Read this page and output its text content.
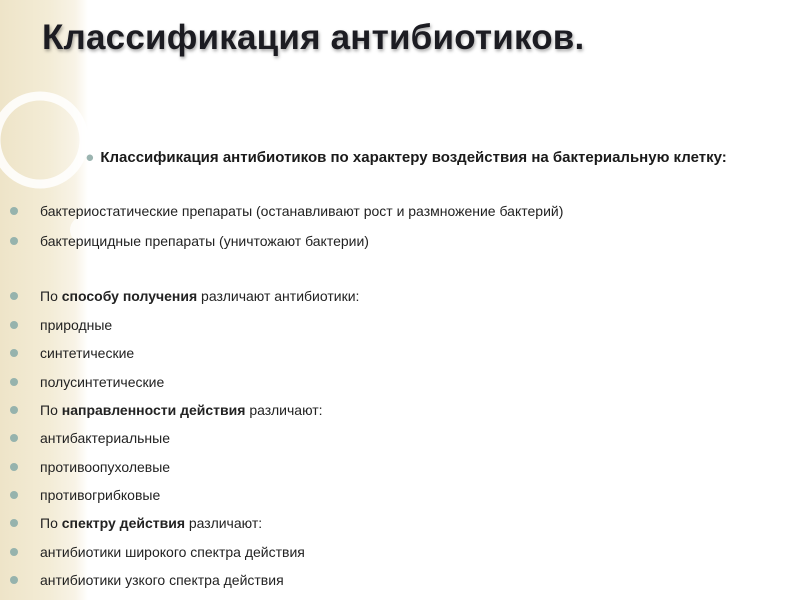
Классификация антибиотиков.
● Классификация антибиотиков по характеру воздействия на бактериальную клетку:
бактериостатические препараты (останавливают рост и размножение бактерий)
бактерицидные препараты (уничтожают бактерии)
По способу получения различают антибиотики:
природные
синтетические
полусинтетические
По направленности действия различают:
антибактериальные
противоопухолевые
противогрибковые
По спектру действия различают:
антибиотики широкого спектра действия
антибиотики узкого спектра действия
